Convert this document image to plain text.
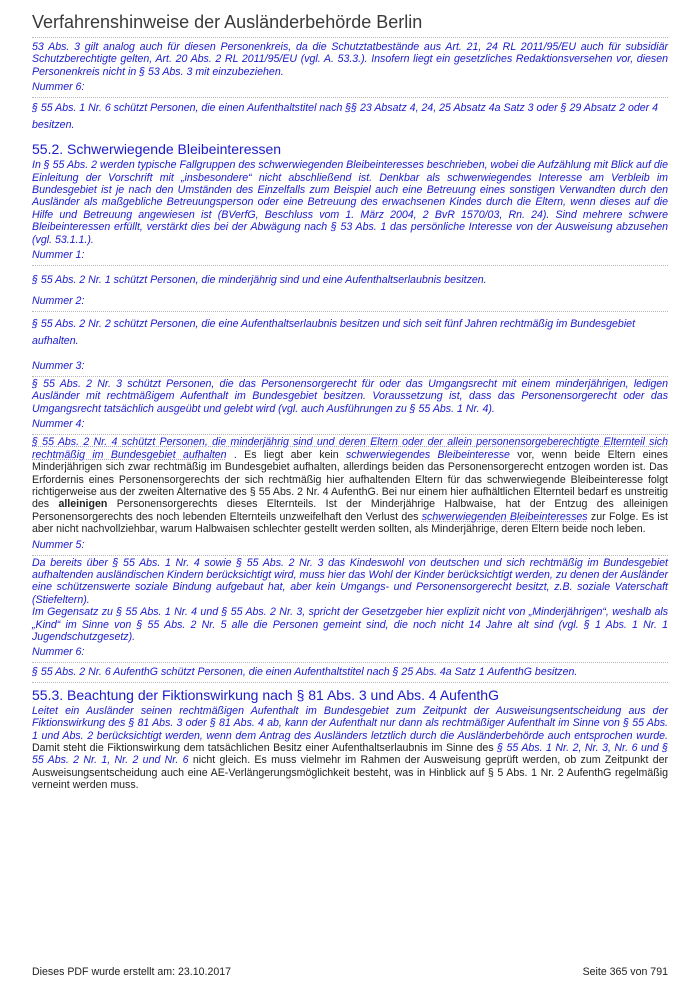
Verfahrenshinweise der Ausländerbehörde Berlin

53 Abs. 3 gilt analog auch für diesen Personenkreis, da die Schutztatbestände aus Art. 21, 24 RL 2011/95/EU auch für subsidiär Schutzberechtigte gelten, Art. 20 Abs. 2 RL 2011/95/EU (vgl. A. 53.3.). Insofern liegt ein gesetzliches Redaktionsversehen vor, diesen Personenkreis nicht in § 53 Abs. 3 mit einzubeziehen.

Nummer 6:

§ 55 Abs. 1 Nr. 6 schützt Personen, die einen Aufenthaltstitel nach §§ 23 Absatz 4, 24, 25 Absatz 4a Satz 3 oder § 29 Absatz 2 oder 4 besitzen.

55.2. Schwerwiegende Bleibeinteressen

In § 55 Abs. 2 werden typische Fallgruppen des schwerwiegenden Bleibeinteresses beschrieben, wobei die Aufzählung mit Blick auf die Einleitung der Vorschrift mit „insbesondere“ nicht abschließend ist. Denkbar als schwerwiegendes Interesse am Verbleib im Bundesgebiet ist je nach den Umständen des Einzelfalls zum Beispiel auch eine Betreuung eines sonstigen Verwandten durch den Ausländer als maßgebliche Betreuungsperson oder eine Betreuung des erwachsenen Kindes durch die Eltern, wenn dieses auf die Hilfe und Betreuung angewiesen ist (BVerfG, Beschluss vom 1. März 2004, 2 BvR 1570/03, Rn. 24). Sind mehrere schwere Bleibeinteressen erfüllt, verstärkt dies bei der Abwägung nach § 53 Abs. 1 das persönliche Interesse von der Ausweisung abzusehen (vgl. 53.1.1.).

Nummer 1:

§ 55 Abs. 2 Nr. 1 schützt Personen, die minderjährig sind und eine Aufenthaltserlaubnis besitzen.

Nummer 2:

§ 55 Abs. 2 Nr. 2 schützt Personen, die eine Aufenthaltserlaubnis besitzen und sich seit fünf Jahren rechtmäßig im Bundesgebiet aufhalten.

Nummer 3:

§ 55 Abs. 2 Nr. 3 schützt Personen, die das Personensorgerecht für oder das Umgangsrecht mit einem minderjährigen, ledigen Ausländer mit rechtmäßigem Aufenthalt im Bundesgebiet besitzen. Voraussetzung ist, dass das Personensorgerecht oder das Umgangsrecht tatsächlich ausgeübt und gelebt wird (vgl. auch Ausführungen zu § 55 Abs. 1 Nr. 4).

Nummer 4:

§ 55 Abs. 2 Nr. 4 schützt Personen, die minderjährig sind und deren Eltern oder der allein personensorgeberechtigte Elternteil sich rechtmäßig im Bundesgebiet aufhalten . Es liegt aber kein schwerwiegendes Bleibeinteresse vor, wenn beide Eltern eines Minderjährigen sich zwar rechtmäßig im Bundesgebiet aufhalten, allerdings beiden das Personensorgerecht entzogen worden ist. Das Erfordernis eines Personensorgerechts der sich rechtmäßig hier aufhaltenden Eltern für das schwerwiegende Bleibeinteresse folgt richtigerweise aus der zweiten Alternative des § 55 Abs. 2 Nr. 4 AufenthG. Bei nur einem hier aufhältlichen Elternteil bedarf es unstreitig des alleinigen Personensorgerechts dieses Elternteils. Ist der Minderjährige Halbwaise, hat der Entzug des alleinigen Personensorgerechts des noch lebenden Elternteils unzweifelhaft den Verlust des schwerwiegenden Bleibeinteresses zur Folge. Es ist aber nicht nachvollziehbar, warum Halbwaisen schlechter gestellt werden sollten, als Minderjährige, deren Eltern beide noch leben.

Nummer 5:

Da bereits über § 55 Abs. 1 Nr. 4 sowie § 55 Abs. 2 Nr. 3 das Kindeswohl von deutschen und sich rechtmäßig im Bundesgebiet aufhaltenden ausländischen Kindern berücksichtigt wird, muss hier das Wohl der Kinder berücksichtigt werden, zu denen der Ausländer eine schützenswerte soziale Bindung aufgebaut hat, aber kein Umgangs- und Personensorgerecht besitzt, z.B. soziale Vaterschaft (Stiefeltern).

Im Gegensatz zu § 55 Abs. 1 Nr. 4 und § 55 Abs. 2 Nr. 3, spricht der Gesetzgeber hier explizit nicht von „Minderjährigen“, weshalb als „Kind“ im Sinne von § 55 Abs. 2 Nr. 5 alle die Personen gemeint sind, die noch nicht 14 Jahre alt sind (vgl. § 1 Abs. 1 Nr. 1 Jugendschutzgesetz).

Nummer 6:

§ 55 Abs. 2 Nr. 6 AufenthG schützt Personen, die einen Aufenthaltstitel nach § 25 Abs. 4a Satz 1 AufenthG besitzen.

55.3. Beachtung der Fiktionswirkung nach § 81 Abs. 3 und Abs. 4 AufenthG

Leitet ein Ausländer seinen rechtmäßigen Aufenthalt im Bundesgebiet zum Zeitpunkt der Ausweisungsentscheidung aus der Fiktionswirkung des § 81 Abs. 3 oder § 81 Abs. 4 ab, kann der Aufenthalt nur dann als rechtmäßiger Aufenthalt im Sinne von § 55 Abs. 1 und Abs. 2 berücksichtigt werden, wenn dem Antrag des Ausländers letztlich durch die Ausländerbehörde auch entsprochen wurde. Damit steht die Fiktionswirkung dem tatsächlichen Besitz einer Aufenthaltserlaubnis im Sinne des § 55 Abs. 1 Nr. 2, Nr. 3, Nr. 6 und § 55 Abs. 2 Nr. 1, Nr. 2 und Nr. 6 nicht gleich. Es muss vielmehr im Rahmen der Ausweisung geprüft werden, ob zum Zeitpunkt der Ausweisungsentscheidung auch eine AE-Verlängerungsmöglichkeit besteht, was in Hinblick auf § 5 Abs. 1 Nr. 2 AufenthG regelmäßig verneint werden muss.

Dieses PDF wurde erstellt am: 23.10.2017	Seite 365 von 791
